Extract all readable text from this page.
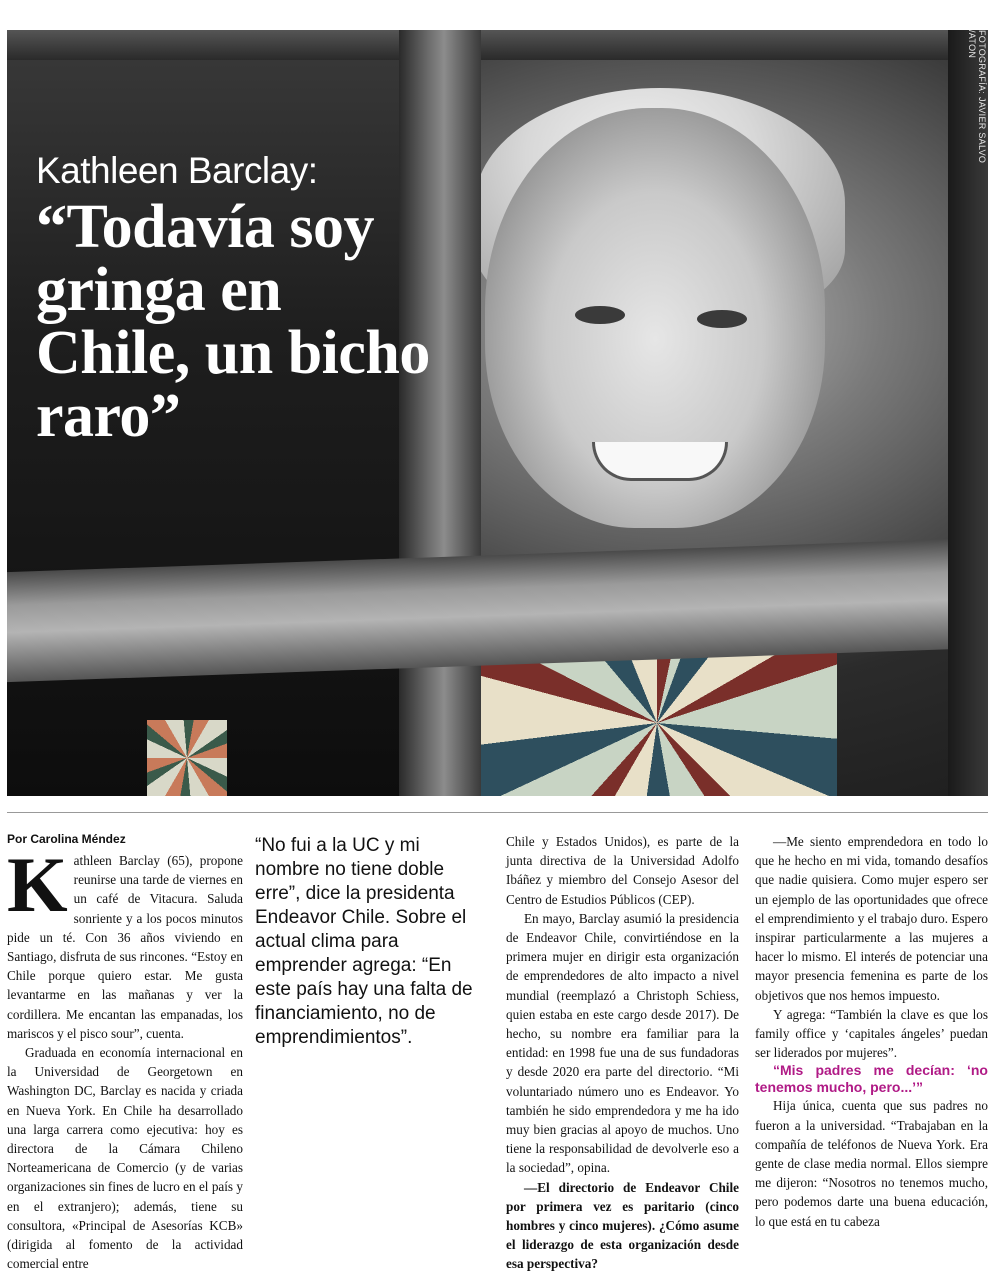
FOTOGRAFÍA: JAVIER SALVO /ATON
Kathleen Barclay:
“Todavía soy gringa en Chile, un bicho raro”
Por Carolina Méndez

Kathleen Barclay (65), propone reunirse una tarde de viernes en un café de Vitacura. Saluda sonriente y a los pocos minutos pide un té. Con 36 años viviendo en Santiago, disfruta de sus rincones. “Estoy en Chile porque quiero estar. Me gusta levantarme en las mañanas y ver la cordillera. Me encantan las empanadas, los mariscos y el pisco sour”, cuenta.

Graduada en economía internacional en la Universidad de Georgetown en Washington DC, Barclay es nacida y criada en Nueva York. En Chile ha desarrollado una larga carrera como ejecutiva: hoy es directora de la Cámara Chileno Norteamericana de Comercio (y de varias organizaciones sin fines de lucro en el país y en el extranjero); además, tiene su consultora, «Principal de Asesorías KCB» (dirigida al fomento de la actividad comercial entre

“No fui a la UC y mi nombre no tiene doble erre”, dice la presidenta Endeavor Chile. Sobre el actual clima para emprender agrega: “En este país hay una falta de financiamiento, no de emprendimientos”.

Chile y Estados Unidos), es parte de la junta directiva de la Universidad Adolfo Ibáñez y miembro del Consejo Asesor del Centro de Estudios Públicos (CEP).

En mayo, Barclay asumió la presidencia de Endeavor Chile, convirtiéndose en la primera mujer en dirigir esta organización de emprendedores de alto impacto a nivel mundial (reemplazó a Christoph Schiess, quien estaba en este cargo desde 2017). De hecho, su nombre era familiar para la entidad: en 1998 fue una de sus fundadoras y desde 2020 era parte del directorio. “Mi voluntariado número uno es Endeavor. Yo también he sido emprendedora y me ha ido muy bien gracias al apoyo de muchos. Uno tiene la responsabilidad de devolverle eso a la sociedad”, opina.

—El directorio de Endeavor Chile por primera vez es paritario (cinco hombres y cinco mujeres). ¿Cómo asume el liderazgo de esta organización desde esa perspectiva?

—Me siento emprendedora en todo lo que he hecho en mi vida, tomando desafíos que nadie quisiera. Como mujer espero ser un ejemplo de las oportunidades que ofrece el emprendimiento y el trabajo duro. Espero inspirar particularmente a las mujeres a hacer lo mismo. El interés de potenciar una mayor presencia femenina es parte de los objetivos que nos hemos impuesto.

Y agrega: “También la clave es que los family office y ‘capitales ángeles’ puedan ser liderados por mujeres”.

“Mis padres me decían: ‘no tenemos mucho, pero...’”

Hija única, cuenta que sus padres no fueron a la universidad. “Trabajaban en la compañía de teléfonos de Nueva York. Era gente de clase media normal. Ellos siempre me dijeron: “Nosotros no tenemos mucho, pero podemos darte una buena educación, lo que está en tu cabeza
